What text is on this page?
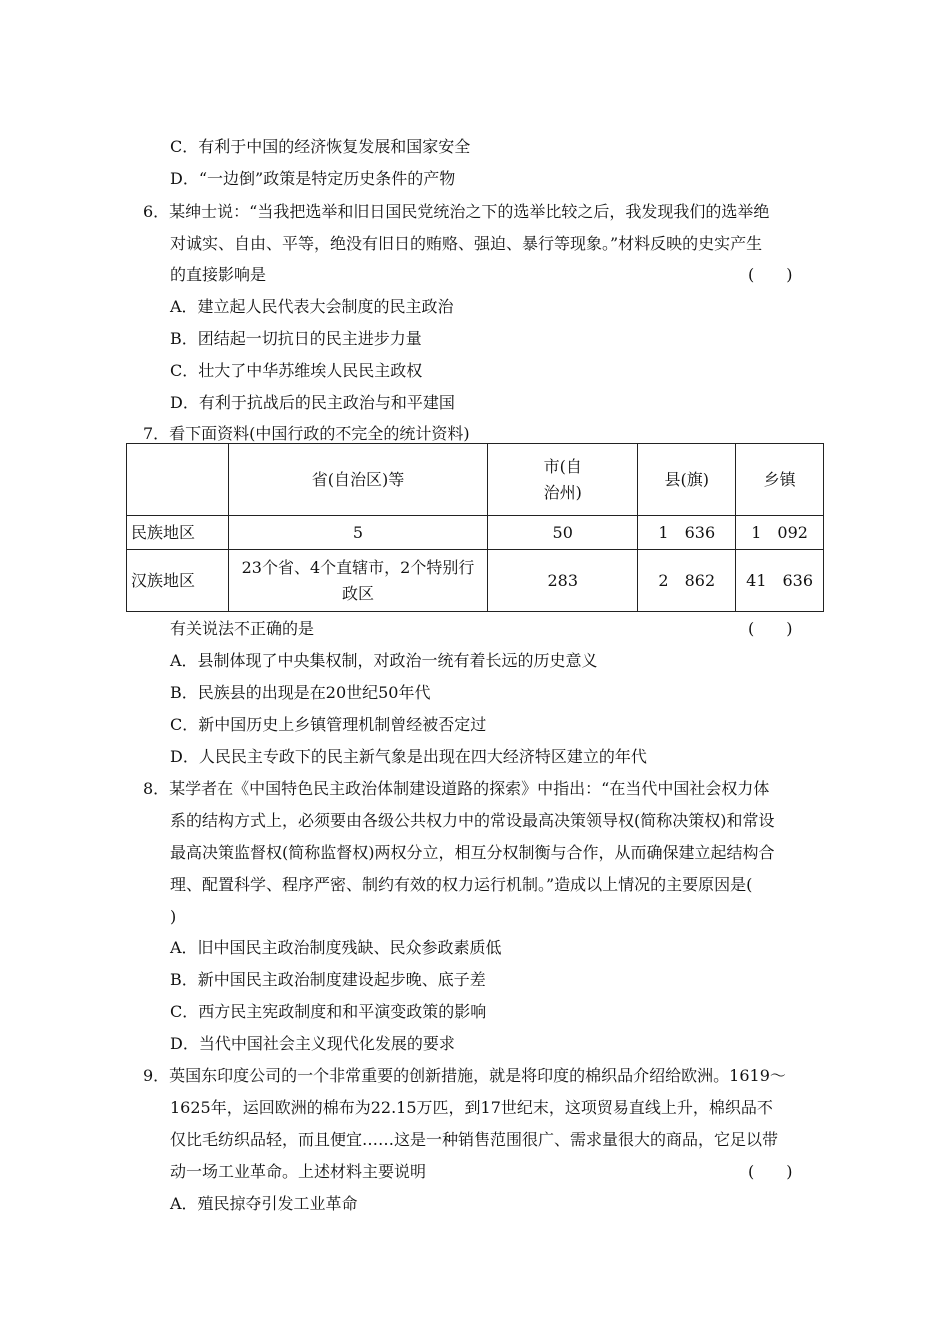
C．有利于中国的经济恢复发展和国家安全
D．“一边倒”政策是特定历史条件的产物
6．某绅士说：“当我把选举和旧日国民党统治之下的选举比较之后，我发现我们的选举绝
对诚实、自由、平等，绝没有旧日的贿赂、强迫、暴行等现象。”材料反映的史实产生
的直接影响是	(　　)
A．建立起人民代表大会制度的民主政治
B．团结起一切抗日的民主进步力量
C．壮大了中华苏维埃人民民主政权
D．有利于抗战后的民主政治与和平建国
7．看下面资料(中国行政的不完全的统计资料)
	省(自治区)等	市(自
治州)	县(旗)	乡镇
民族地区	5	50	1　636	1　092
汉族地区	23个省、4个直辖市，2个特别行
政区	283	2　862	41　636
有关说法不正确的是	(　　)
A．县制体现了中央集权制，对政治一统有着长远的历史意义
B．民族县的出现是在20世纪50年代
C．新中国历史上乡镇管理机制曾经被否定过
D．人民民主专政下的民主新气象是出现在四大经济特区建立的年代
8．某学者在《中国特色民主政治体制建设道路的探索》中指出：“在当代中国社会权力体
系的结构方式上，必须要由各级公共权力中的常设最高决策领导权(简称决策权)和常设
最高决策监督权(简称监督权)两权分立，相互分权制衡与合作，从而确保建立起结构合
理、配置科学、程序严密、制约有效的权力运行机制。”造成以上情况的主要原因是(
)
A．旧中国民主政治制度残缺、民众参政素质低
B．新中国民主政治制度建设起步晚、底子差
C．西方民主宪政制度和和平演变政策的影响
D．当代中国社会主义现代化发展的要求
9．英国东印度公司的一个非常重要的创新措施，就是将印度的棉织品介绍给欧洲。1619～
1625年，运回欧洲的棉布为22.15万匹，到17世纪末，这项贸易直线上升，棉织品不
仅比毛纺织品轻，而且便宜……这是一种销售范围很广、需求量很大的商品，它足以带
动一场工业革命。上述材料主要说明	(　　)
A．殖民掠夺引发工业革命
